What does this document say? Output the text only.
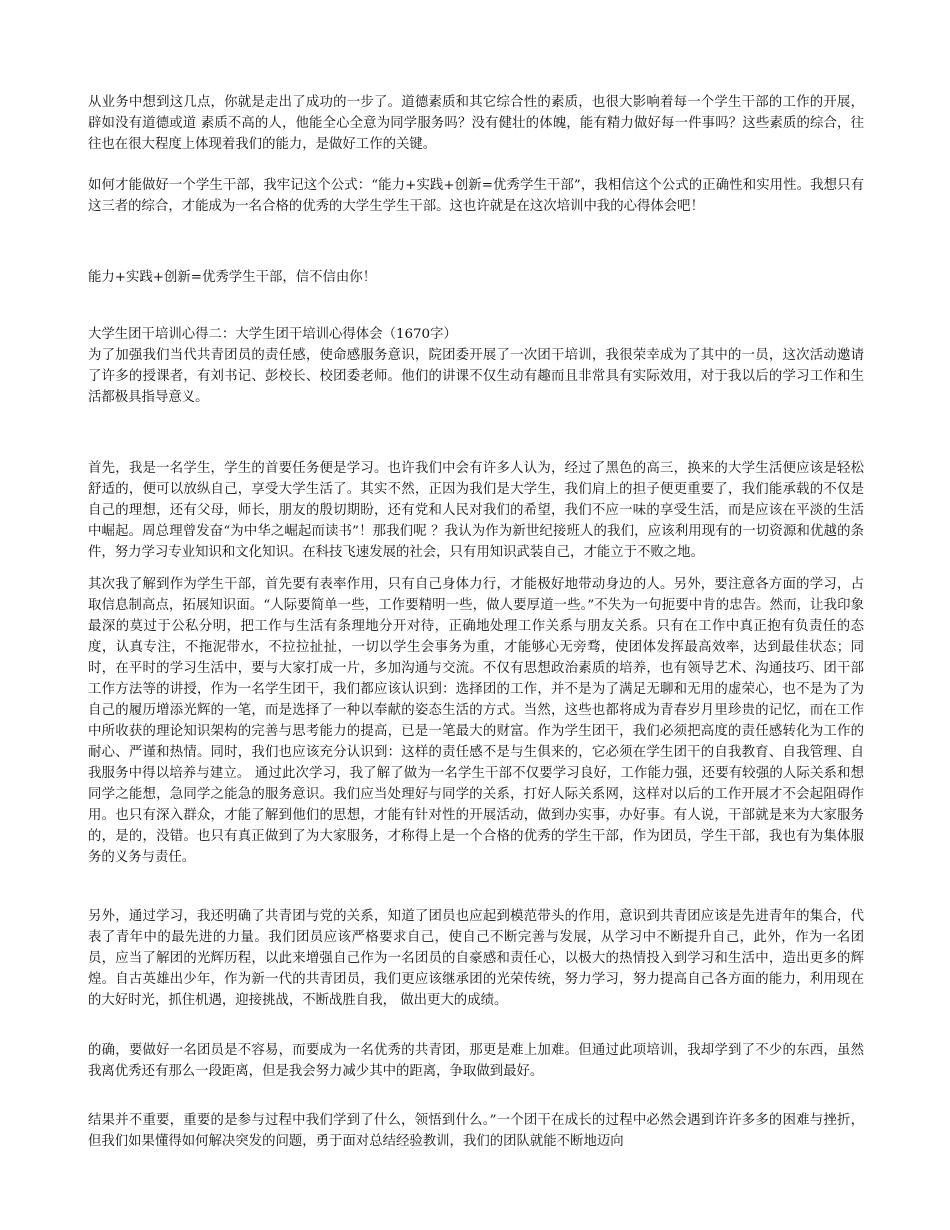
从业务中想到这几点，你就是走出了成功的一步了。道德素质和其它综合性的素质，也很大影响着每一个学生干部的工作的开展，辟如没有道德或道 素质不高的人，他能全心全意为同学服务吗？没有健壮的体魄，能有精力做好每一件事吗？这些素质的综合，往往也在很大程度上体现着我们的能力，是做好工作的关键。

如何才能做好一个学生干部，我牢记这个公式：“能力+实践+创新=优秀学生干部”，我相信这个公式的正确性和实用性。我想只有这三者的综合，才能成为一名合格的优秀的大学生学生干部。这也许就是在这次培训中我的心得体会吧！

能力+实践+创新=优秀学生干部，信不信由你！

大学生团干培训心得二：大学生团干培训心得体会（1670字）

为了加强我们当代共青团员的责任感，使命感服务意识，院团委开展了一次团干培训，我很荣幸成为了其中的一员，这次活动邀请了许多的授课者，有刘书记、彭校长、校团委老师。他们的讲课不仅生动有趣而且非常具有实际效用，对于我以后的学习工作和生活都极具指导意义。

首先，我是一名学生，学生的首要任务便是学习。也许我们中会有许多人认为，经过了黑色的高三，换来的大学生活便应该是轻松舒适的，便可以放纵自己，享受大学生活了。其实不然，正因为我们是大学生，我们肩上的担子便更重要了，我们能承载的不仅是自己的理想，还有父母，师长，朋友的殷切期盼，还有党和人民对我们的希望，我们不应一味的享受生活，而是应该在平淡的生活中崛起。周总理曾发奋“为中华之崛起而读书”！那我们呢 ？我认为作为新世纪接班人的我们，应该利用现有的一切资源和优越的条件，努力学习专业知识和文化知识。在科技飞速发展的社会，只有用知识武装自己，才能立于不败之地。

其次我了解到作为学生干部，首先要有表率作用，只有自己身体力行，才能极好地带动身边的人。另外，要注意各方面的学习，占取信息制高点，拓展知识面。“人际要简单一些，工作要精明一些，做人要厚道一些。”不失为一句扼要中肯的忠告。然而，让我印象最深的莫过于公私分明，把工作与生活有条理地分开对待，正确地处理工作关系与朋友关系。只有在工作中真正抱有负责任的态度，认真专注，不拖泥带水，不拉拉扯扯，一切以学生会事务为重，才能够心无旁骛，使团体发挥最高效率，达到最佳状态；同时，在平时的学习生活中，要与大家打成一片，多加沟通与交流。不仅有思想政治素质的培养，也有领导艺术、沟通技巧、团干部工作方法等的讲授，作为一名学生团干，我们都应该认识到：选择团的工作，并不是为了满足无聊和无用的虚荣心，也不是为了为自己的履历增添光辉的一笔，而是选择了一种以奉献的姿态生活的方式。当然，这些也都将成为青春岁月里珍贵的记忆，而在工作中所收获的理论知识架构的完善与思考能力的提高，已是一笔最大的财富。作为学生团干，我们必须把高度的责任感转化为工作的耐心、严谨和热情。同时，我们也应该充分认识到：这样的责任感不是与生俱来的，它必须在学生团干的自我教育、自我管理、自我服务中得以培养与建立。 通过此次学习，我了解了做为一名学生干部不仅要学习良好，工作能力强，还要有较强的人际关系和想同学之能想，急同学之能急的服务意识。我们应当处理好与同学的关系，打好人际关系网，这样对以后的工作开展才不会起阻碍作用。也只有深入群众，才能了解到他们的思想，才能有针对性的开展活动，做到办实事，办好事。有人说，干部就是来为大家服务的，是的，没错。也只有真正做到了为大家服务，才称得上是一个合格的优秀的学生干部，作为团员，学生干部，我也有为集体服务的义务与责任。

另外，通过学习，我还明确了共青团与党的关系，知道了团员也应起到模范带头的作用，意识到共青团应该是先进青年的集合，代表了青年中的最先进的力量。我们团员应该严格要求自己，使自己不断完善与发展，从学习中不断提升自己，此外，作为一名团员，应当了解团的光辉历程，以此来增强自己作为一名团员的自豪感和责任心，以极大的热情投入到学习和生活中，造出更多的辉煌。自古英雄出少年，作为新一代的共青团员，我们更应该继承团的光荣传统，努力学习，努力提高自己各方面的能力，利用现在的大好时光，抓住机遇，迎接挑战，不断战胜自我， 做出更大的成绩。

的确，要做好一名团员是不容易，而要成为一名优秀的共青团，那更是难上加难。但通过此项培训，我却学到了不少的东西，虽然我离优秀还有那么一段距离，但是我会努力减少其中的距离，争取做到最好。

结果并不重要，重要的是参与过程中我们学到了什么，领悟到什么。”一个团干在成长的过程中必然会遇到许许多多的困难与挫折，但我们如果懂得如何解决突发的问题，勇于面对总结经验教训，我们的团队就能不断地迈向
